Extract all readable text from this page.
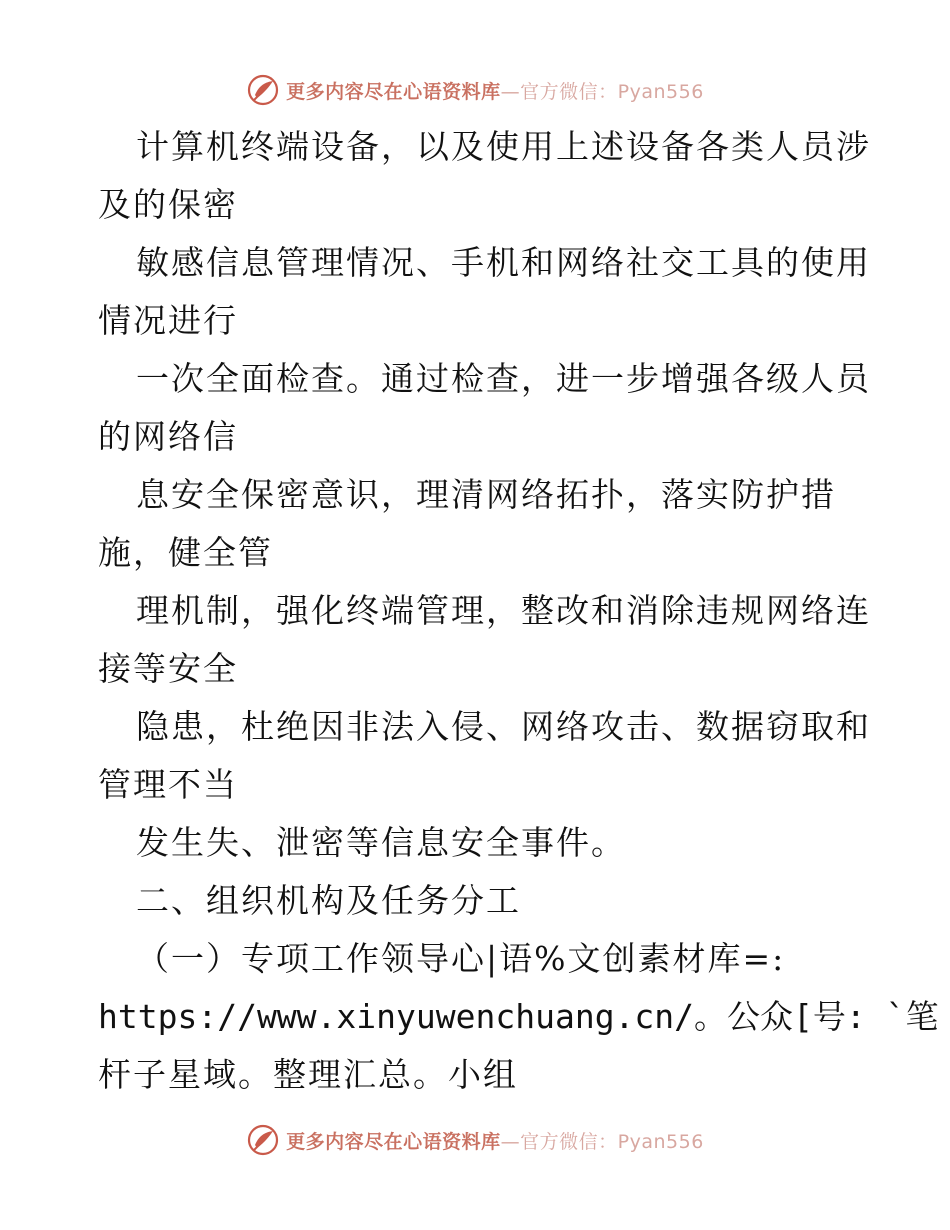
更多内容尽在心语资料库—官方微信：Pyan556
计算机终端设备，以及使用上述设备各类人员涉
及的保密
敏感信息管理情况、手机和网络社交工具的使用
情况进行
一次全面检查。通过检查，进一步增强各级人员
的网络信
息安全保密意识，理清网络拓扑，落实防护措
施，健全管
理机制，强化终端管理，整改和消除违规网络连
接等安全
隐患，杜绝因非法入侵、网络攻击、数据窃取和
管理不当
发生失、泄密等信息安全事件。
二、组织机构及任务分工
（一）专项工作领导心|语%文创素材库=:
https://www.xinyuwenchuang.cn/。公众[号: `笔
杆子星域。整理汇总。小组
更多内容尽在心语资料库—官方微信：Pyan556
